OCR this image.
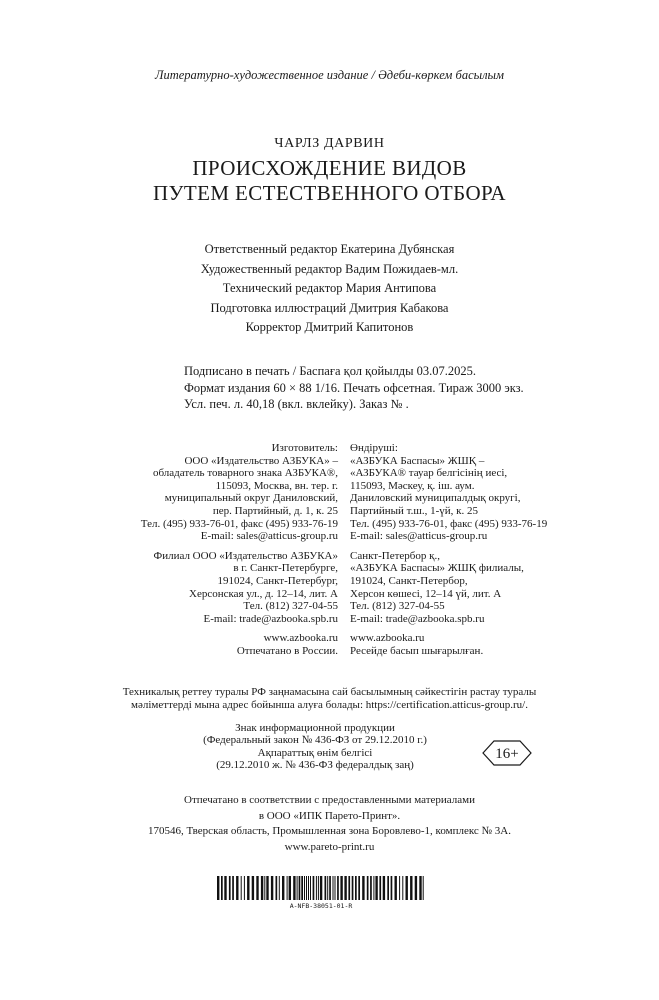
Литературно-художественное издание / Әдеби-көркем басылым
ЧАРЛЗ ДАРВИН
ПРОИСХОЖДЕНИЕ ВИДОВ
ПУТЕМ ЕСТЕСТВЕННОГО ОТБОРА
Ответственный редактор Екатерина Дубянская
Художественный редактор Вадим Пожидаев-мл.
Технический редактор Мария Антипова
Подготовка иллюстраций Дмитрия Кабакова
Корректор Дмитрий Капитонов
Подписано в печать / Баспаға қол қойылды 03.07.2025.
Формат издания 60 × 88 1/16. Печать офсетная. Тираж 3000 экз.
Усл. печ. л. 40,18 (вкл. вклейку). Заказ № .
Изготовитель:
ООО «Издательство АЗБУКА» –
обладатель товарного знака АЗБУКА®,
115093, Москва, вн. тер. г.
муниципальный округ Даниловский,
пер. Партийный, д. 1, к. 25
Тел. (495) 933-76-01, факс (495) 933-76-19
E-mail: sales@atticus-group.ru
Филиал ООО «Издательство АЗБУКА»
в г. Санкт-Петербурге,
191024, Санкт-Петербург,
Херсонская ул., д. 12–14, лит. А
Тел. (812) 327-04-55
E-mail: trade@azbooka.spb.ru
www.azbooka.ru
Отпечатано в России.
Өндіруші:
«АЗБУКА Баспасы» ЖШҚ –
«АЗБУКА® тауар белгісінің иесі,
115093, Мәскеу, қ. іш. аум.
Даниловский муниципалдық округі,
Партийный т.ш., 1-үй, к. 25
Тел. (495) 933-76-01, факс (495) 933-76-19
E-mail: sales@atticus-group.ru
Санкт-Петербор қ.,
«АЗБУКА Баспасы» ЖШҚ филиалы,
191024, Санкт-Петербор,
Херсон көшесі, 12–14 үй, лит. А
Тел. (812) 327-04-55
E-mail: trade@azbooka.spb.ru
www.azbooka.ru
Ресейде басып шығарылған.
Техникалық реттеу туралы РФ заңнамасына сай басылымның сәйкестігін растау туралы
мәліметтерді мына адрес бойынша алуға болады: https://certification.atticus-group.ru/.
Знак информационной продукции
(Федеральный закон № 436-ФЗ от 29.12.2010 г.)
Ақпараттық өнім белгісі
(29.12.2010 ж. № 436-ФЗ федералдық заң)
16+
Отпечатано в соответствии с предоставленными материалами
в ООО «ИПК Парето-Принт».
170546, Тверская область, Промышленная зона Боровлево-1, комплекс № 3А.
www.pareto-print.ru
A-NFB-38051-01-R
